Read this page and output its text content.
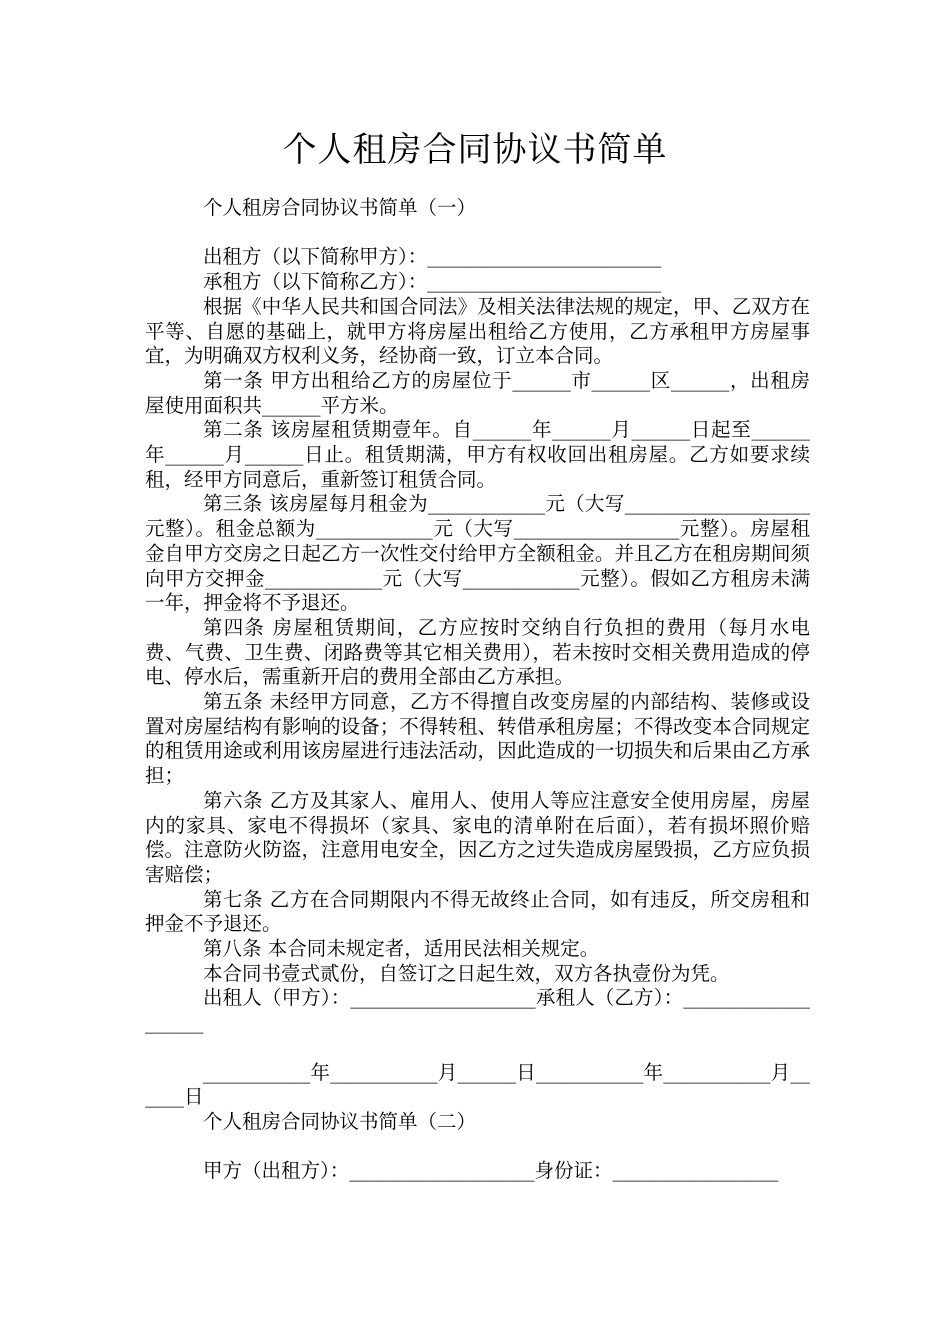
个人租房合同协议书简单

个人租房合同协议书简单（一）

出租方（以下简称甲方）：________________________

承租方（以下简称乙方）：________________________

根据《中华人民共和国合同法》及相关法律法规的规定，甲、乙双方在平等、自愿的基础上，就甲方将房屋出租给乙方使用，乙方承租甲方房屋事宜，为明确双方权利义务，经协商一致，订立本合同。

第一条 甲方出租给乙方的房屋位于______市______区______，出租房屋使用面积共______平方米。

第二条 该房屋租赁期壹年。自______年______月______日起至______年______月______日止。租赁期满，甲方有权收回出租房屋。乙方如要求续租，经甲方同意后，重新签订租赁合同。

第三条 该房屋每月租金为____________元（大写___________________元整）。租金总额为____________元（大写_________________元整）。房屋租金自甲方交房之日起乙方一次性交付给甲方全额租金。并且乙方在租房期间须向甲方交押金____________元（大写____________元整）。假如乙方租房未满一年，押金将不予退还。

第四条 房屋租赁期间，乙方应按时交纳自行负担的费用（每月水电费、气费、卫生费、闭路费等其它相关费用），若未按时交相关费用造成的停电、停水后，需重新开启的费用全部由乙方承担。

第五条 未经甲方同意，乙方不得擅自改变房屋的内部结构、装修或设置对房屋结构有影响的设备；不得转租、转借承租房屋；不得改变本合同规定的租赁用途或利用该房屋进行违法活动，因此造成的一切损失和后果由乙方承担；

第六条 乙方及其家人、雇用人、使用人等应注意安全使用房屋，房屋内的家具、家电不得损坏（家具、家电的清单附在后面），若有损坏照价赔偿。注意防火防盗，注意用电安全，因乙方之过失造成房屋毁损，乙方应负损害赔偿；

第七条 乙方在合同期限内不得无故终止合同，如有违反，所交房租和押金不予退还。

第八条 本合同未规定者，适用民法相关规定。

本合同书壹式贰份，自签订之日起生效，双方各执壹份为凭。

出租人（甲方）：___________________承租人（乙方）：___________________

___________年___________月______日___________年___________月______日

个人租房合同协议书简单（二）

甲方（出租方）：___________________身份证：_________________
